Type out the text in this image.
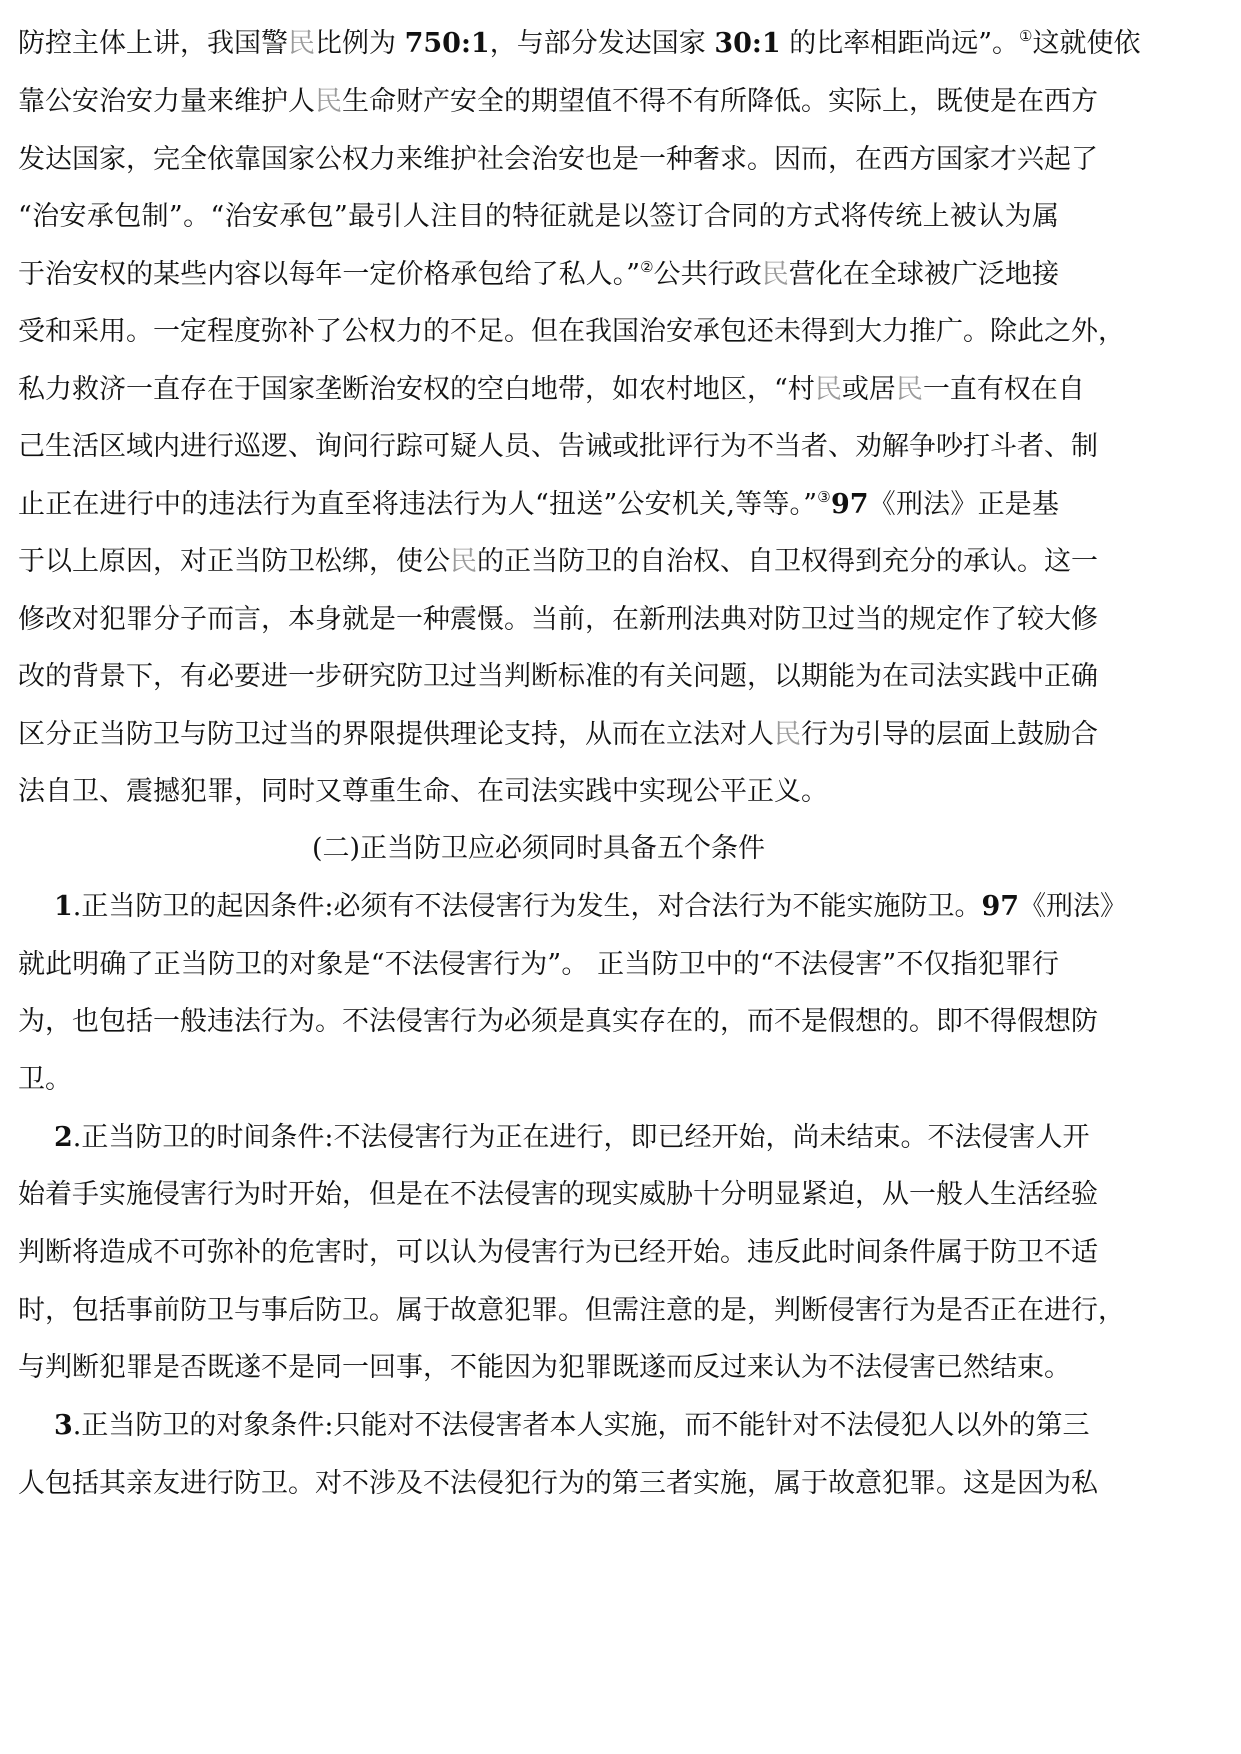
防控主体上讲，我国警民比例为 750:1，与部分发达国家 30:1 的比率相距尚远”。①这就使依
靠公安治安力量来维护人民生命财产安全的期望值不得不有所降低。实际上，既使是在西方
发达国家，完全依靠国家公权力来维护社会治安也是一种奢求。因而，在西方国家才兴起了
“治安承包制”。“治安承包”最引人注目的特征就是以签订合同的方式将传统上被认为属
于治安权的某些内容以每年一定价格承包给了私人。”②公共行政民营化在全球被广泛地接
受和采用。一定程度弥补了公权力的不足。但在我国治安承包还未得到大力推广。除此之外，
私力救济一直存在于国家垄断治安权的空白地带，如农村地区，“村民或居民一直有权在自
己生活区域内进行巡逻、询问行踪可疑人员、告诫或批评行为不当者、劝解争吵打斗者、制
止正在进行中的违法行为直至将违法行为人“扭送”公安机关,等等。”③97《刑法》正是基
于以上原因，对正当防卫松绑，使公民的正当防卫的自治权、自卫权得到充分的承认。这一
修改对犯罪分子而言，本身就是一种震慑。当前，在新刑法典对防卫过当的规定作了较大修
改的背景下，有必要进一步研究防卫过当判断标准的有关问题，以期能为在司法实践中正确
区分正当防卫与防卫过当的界限提供理论支持，从而在立法对人民行为引导的层面上鼓励合
法自卫、震撼犯罪，同时又尊重生命、在司法实践中实现公平正义。
(二)正当防卫应必须同时具备五个条件
1.正当防卫的起因条件:必须有不法侵害行为发生，对合法行为不能实施防卫。97《刑法》
就此明确了正当防卫的对象是“不法侵害行为”。 正当防卫中的“不法侵害”不仅指犯罪行
为，也包括一般违法行为。不法侵害行为必须是真实存在的，而不是假想的。即不得假想防
卫。
2.正当防卫的时间条件:不法侵害行为正在进行，即已经开始，尚未结束。不法侵害人开
始着手实施侵害行为时开始，但是在不法侵害的现实威胁十分明显紧迫，从一般人生活经验
判断将造成不可弥补的危害时，可以认为侵害行为已经开始。违反此时间条件属于防卫不适
时，包括事前防卫与事后防卫。属于故意犯罪。但需注意的是，判断侵害行为是否正在进行，
与判断犯罪是否既遂不是同一回事，不能因为犯罪既遂而反过来认为不法侵害已然结束。
3.正当防卫的对象条件:只能对不法侵害者本人实施，而不能针对不法侵犯人以外的第三
人包括其亲友进行防卫。对不涉及不法侵犯行为的第三者实施，属于故意犯罪。这是因为私
